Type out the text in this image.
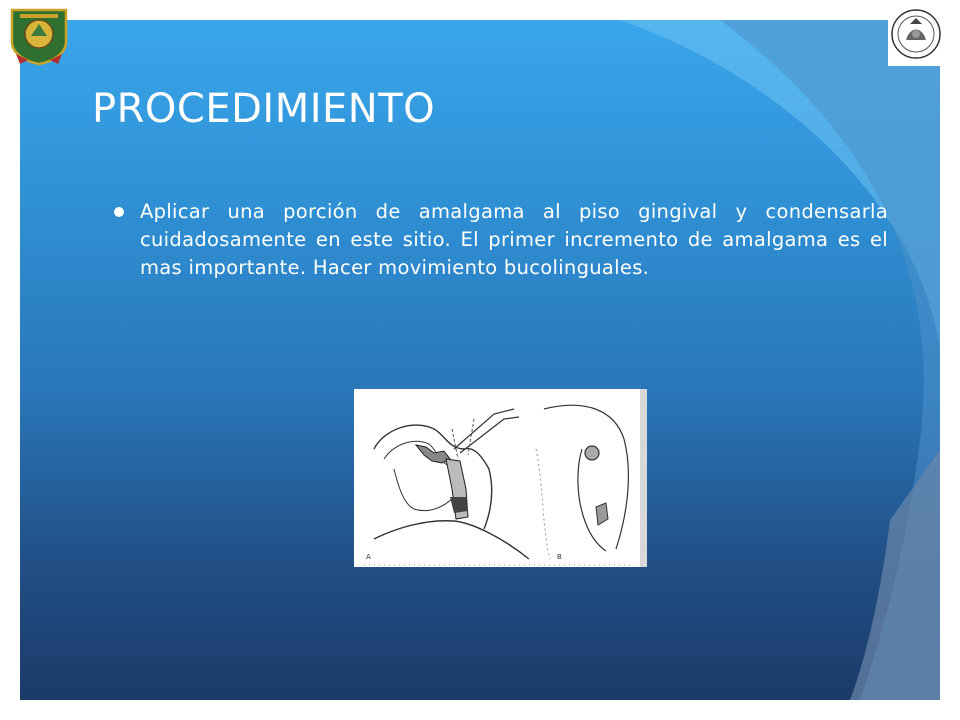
PROCEDIMIENTO
Aplicar una porción de amalgama al piso gingival y condensarla cuidadosamente en este sitio. El primer incremento de amalgama es el mas importante. Hacer movimiento bucolinguales.
A	B
